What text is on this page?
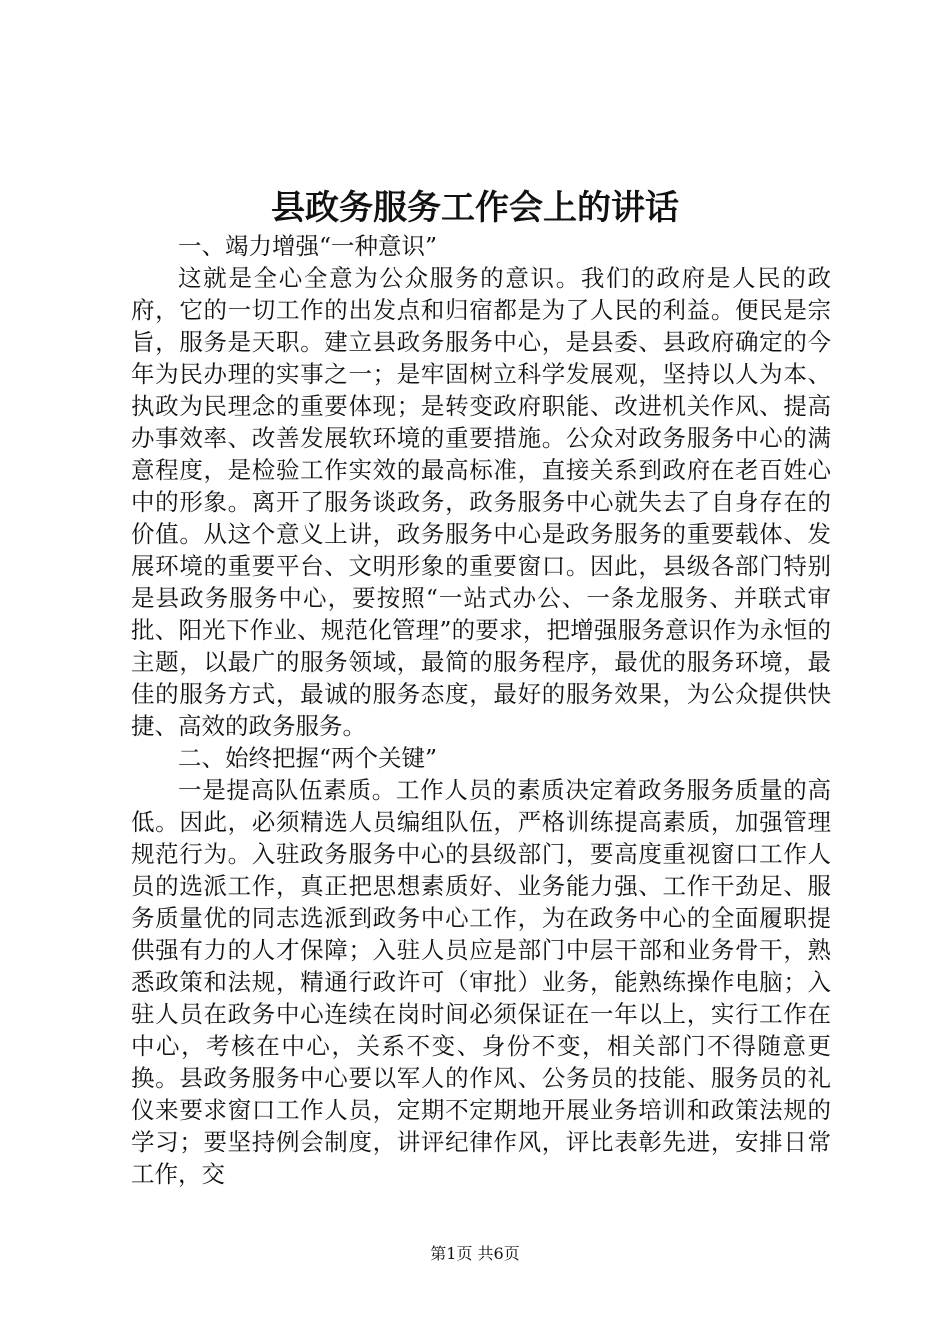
县政务服务工作会上的讲话

一、竭力增强“一种意识”

这就是全心全意为公众服务的意识。我们的政府是人民的政府，它的一切工作的出发点和归宿都是为了人民的利益。便民是宗旨，服务是天职。建立县政务服务中心，是县委、县政府确定的今年为民办理的实事之一；是牢固树立科学发展观，坚持以人为本、执政为民理念的重要体现；是转变政府职能、改进机关作风、提高办事效率、改善发展软环境的重要措施。公众对政务服务中心的满意程度，是检验工作实效的最高标准，直接关系到政府在老百姓心中的形象。离开了服务谈政务，政务服务中心就失去了自身存在的价值。从这个意义上讲，政务服务中心是政务服务的重要载体、发展环境的重要平台、文明形象的重要窗口。因此，县级各部门特别是县政务服务中心，要按照“一站式办公、一条龙服务、并联式审批、阳光下作业、规范化管理”的要求，把增强服务意识作为永恒的主题，以最广的服务领域，最简的服务程序，最优的服务环境，最佳的服务方式，最诚的服务态度，最好的服务效果，为公众提供快捷、高效的政务服务。

二、始终把握“两个关键”

一是提高队伍素质。工作人员的素质决定着政务服务质量的高低。因此，必须精选人员编组队伍，严格训练提高素质，加强管理规范行为。入驻政务服务中心的县级部门，要高度重视窗口工作人员的选派工作，真正把思想素质好、业务能力强、工作干劲足、服务质量优的同志选派到政务中心工作，为在政务中心的全面履职提供强有力的人才保障；入驻人员应是部门中层干部和业务骨干，熟悉政策和法规，精通行政许可（审批）业务，能熟练操作电脑；入驻人员在政务中心连续在岗时间必须保证在一年以上，实行工作在中心，考核在中心，关系不变、身份不变，相关部门不得随意更换。县政务服务中心要以军人的作风、公务员的技能、服务员的礼仪来要求窗口工作人员，定期不定期地开展业务培训和政策法规的学习；要坚持例会制度，讲评纪律作风，评比表彰先进，安排日常工作，交

第1页 共6页
